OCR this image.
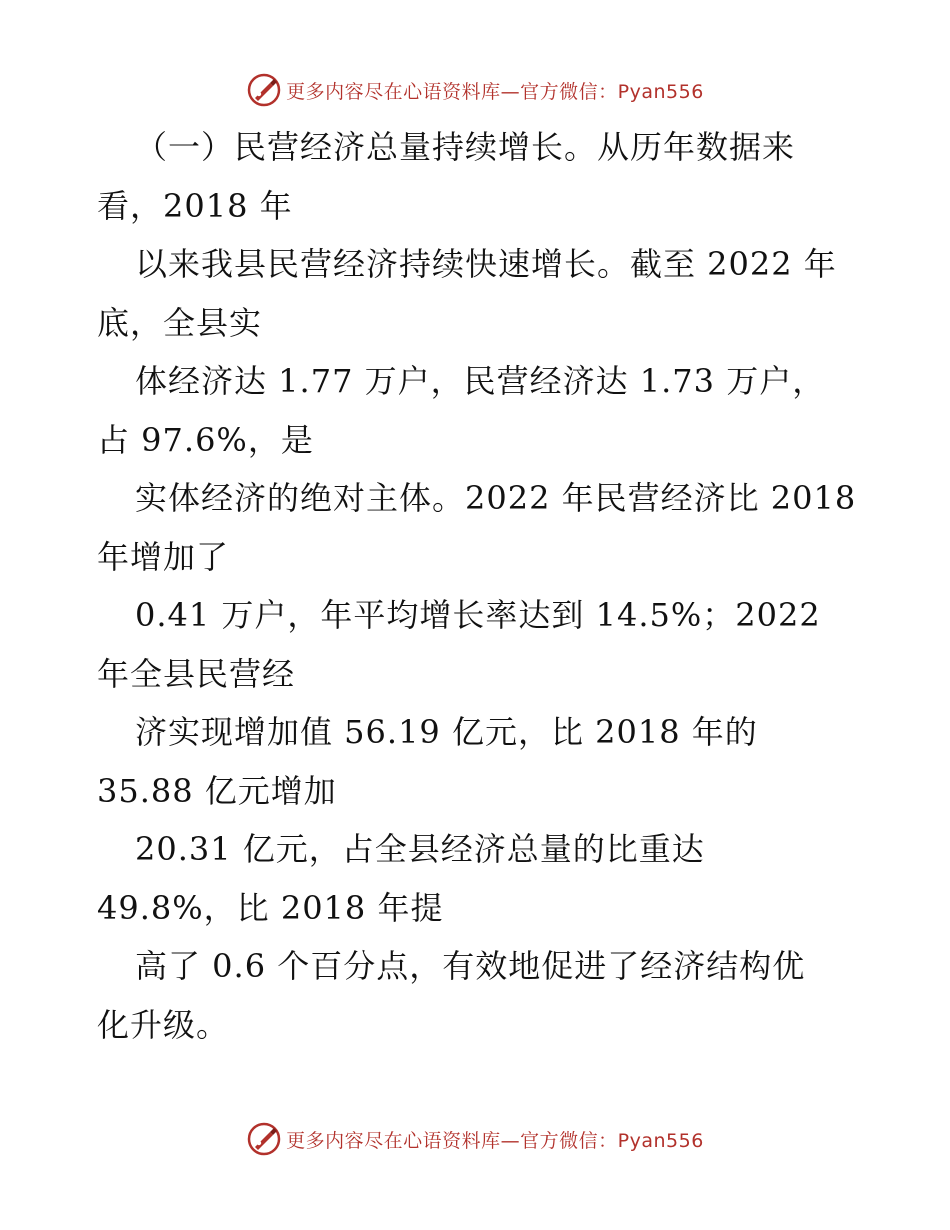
更多内容尽在心语资料库—官方微信：Pyan556
（一）民营经济总量持续增长。从历年数据来
看，2018 年
以来我县民营经济持续快速增长。截至 2022 年
底，全县实
体经济达 1.77 万户，民营经济达 1.73 万户，
占 97.6%，是
实体经济的绝对主体。2022 年民营经济比 2018
年增加了
0.41 万户，年平均增长率达到 14.5%；2022
年全县民营经
济实现增加值 56.19 亿元，比 2018 年的
35.88 亿元增加
20.31 亿元，占全县经济总量的比重达
49.8%，比 2018 年提
高了 0.6 个百分点，有效地促进了经济结构优
化升级。
更多内容尽在心语资料库—官方微信：Pyan556
